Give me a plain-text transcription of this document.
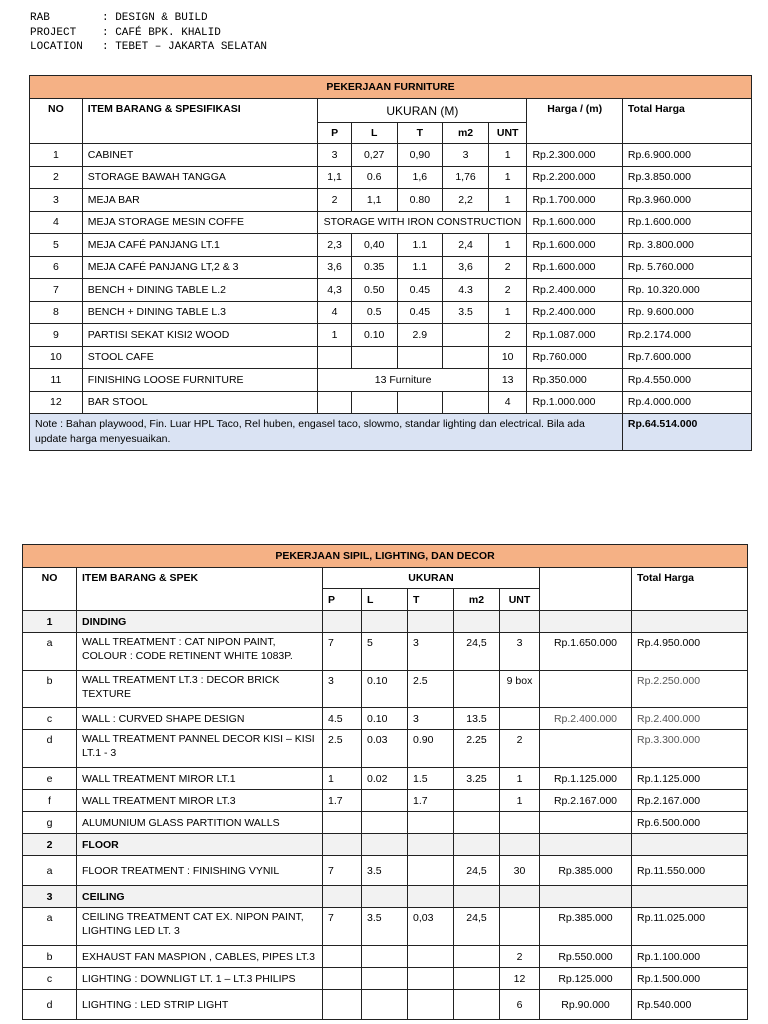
RAB	: DESIGN & BUILD
PROJECT : CAFÉ BPK. KHALID
LOCATION : TEBET – JAKARTA SELATAN
PEKERJAAN FURNITURE								
NO	ITEM BARANG & SPESIFIKASI	UKURAN (M)					Harga / (m)	Total Harga
		P	L	T	m2	UNT		
1	CABINET	3	0,27	0,90	3	1	Rp.2.300.000	Rp.6.900.000
2	STORAGE BAWAH TANGGA	1,1	0.6	1,6	1,76	1	Rp.2.200.000	Rp.3.850.000
3	MEJA BAR	2	1,1	0.80	2,2	1	Rp.1.700.000	Rp.3.960.000
4	MEJA STORAGE MESIN COFFE	STORAGE WITH IRON CONSTRUCTION					Rp.1.600.000	Rp.1.600.000
5	MEJA CAFÉ PANJANG LT.1	2,3	0,40	1.1	2,4	1	Rp.1.600.000	Rp. 3.800.000
6	MEJA CAFÉ PANJANG LT,2 & 3	3,6	0.35	1.1	3,6	2	Rp.1.600.000	Rp. 5.760.000
7	BENCH + DINING TABLE L.2	4,3	0.50	0.45	4.3	2	Rp.2.400.000	Rp. 10.320.000
8	BENCH + DINING TABLE L.3	4	0.5	0.45	3.5	1	Rp.2.400.000	Rp. 9.600.000
9	PARTISI SEKAT KISI2 WOOD	1	0.10	2.9		2	Rp.1.087.000	Rp.2.174.000
10	STOOL CAFE					10	Rp.760.000	Rp.7.600.000
11	FINISHING LOOSE FURNITURE	13 Furniture				13	Rp.350.000	Rp.4.550.000
12	BAR STOOL					4	Rp.1.000.000	Rp.4.000.000
Note : Bahan playwood, Fin. Luar HPL Taco, Rel huben, engasel taco, slowmo, standar lighting dan electrical. Bila ada update harga menyesuaikan.								Rp.64.514.000
PEKERJAAN SIPIL, LIGHTING, DAN DECOR								
NO	ITEM BARANG & SPEK	UKURAN						Total Harga
		P	L	T	m2	UNT		
1	DINDING							
a	WALL TREATMENT : CAT NIPON PAINT, COLOUR : CODE RETINENT WHITE 1083P.	7	5	3	24,5	3	Rp.1.650.000	Rp.4.950.000
b	WALL TREATMENT LT.3 : DECOR BRICK TEXTURE	3	0.10	2.5		9 box		Rp.2.250.000
c	WALL : CURVED SHAPE DESIGN	4.5	0.10	3	13.5		Rp.2.400.000	Rp.2.400.000
d	WALL TREATMENT PANNEL DECOR KISI – KISI LT.1 - 3	2.5	0.03	0.90	2.25	2		Rp.3.300.000
e	WALL TREATMENT MIROR LT.1	1	0.02	1.5	3.25	1	Rp.1.125.000	Rp.1.125.000
f	WALL TREATMENT MIROR LT.3	1.7		1.7		1	Rp.2.167.000	Rp.2.167.000
g	ALUMUNIUM GLASS PARTITION WALLS							Rp.6.500.000
2	FLOOR							
a	FLOOR TREATMENT : FINISHING VYNIL	7	3.5		24,5	30	Rp.385.000	Rp.11.550.000
3	CEILING							
a	CEILING TREATMENT CAT EX. NIPON PAINT, LIGHTING LED LT. 3	7	3.5	0,03	24,5		Rp.385.000	Rp.11.025.000
b	EXHAUST FAN MASPION , CABLES, PIPES LT.3					2	Rp.550.000	Rp.1.100.000
c	LIGHTING : DOWNLIGT LT. 1 – LT.3 PHILIPS					12	Rp.125.000	Rp.1.500.000
d	LIGHTING : LED STRIP LIGHT					6	Rp.90.000	Rp.540.000
